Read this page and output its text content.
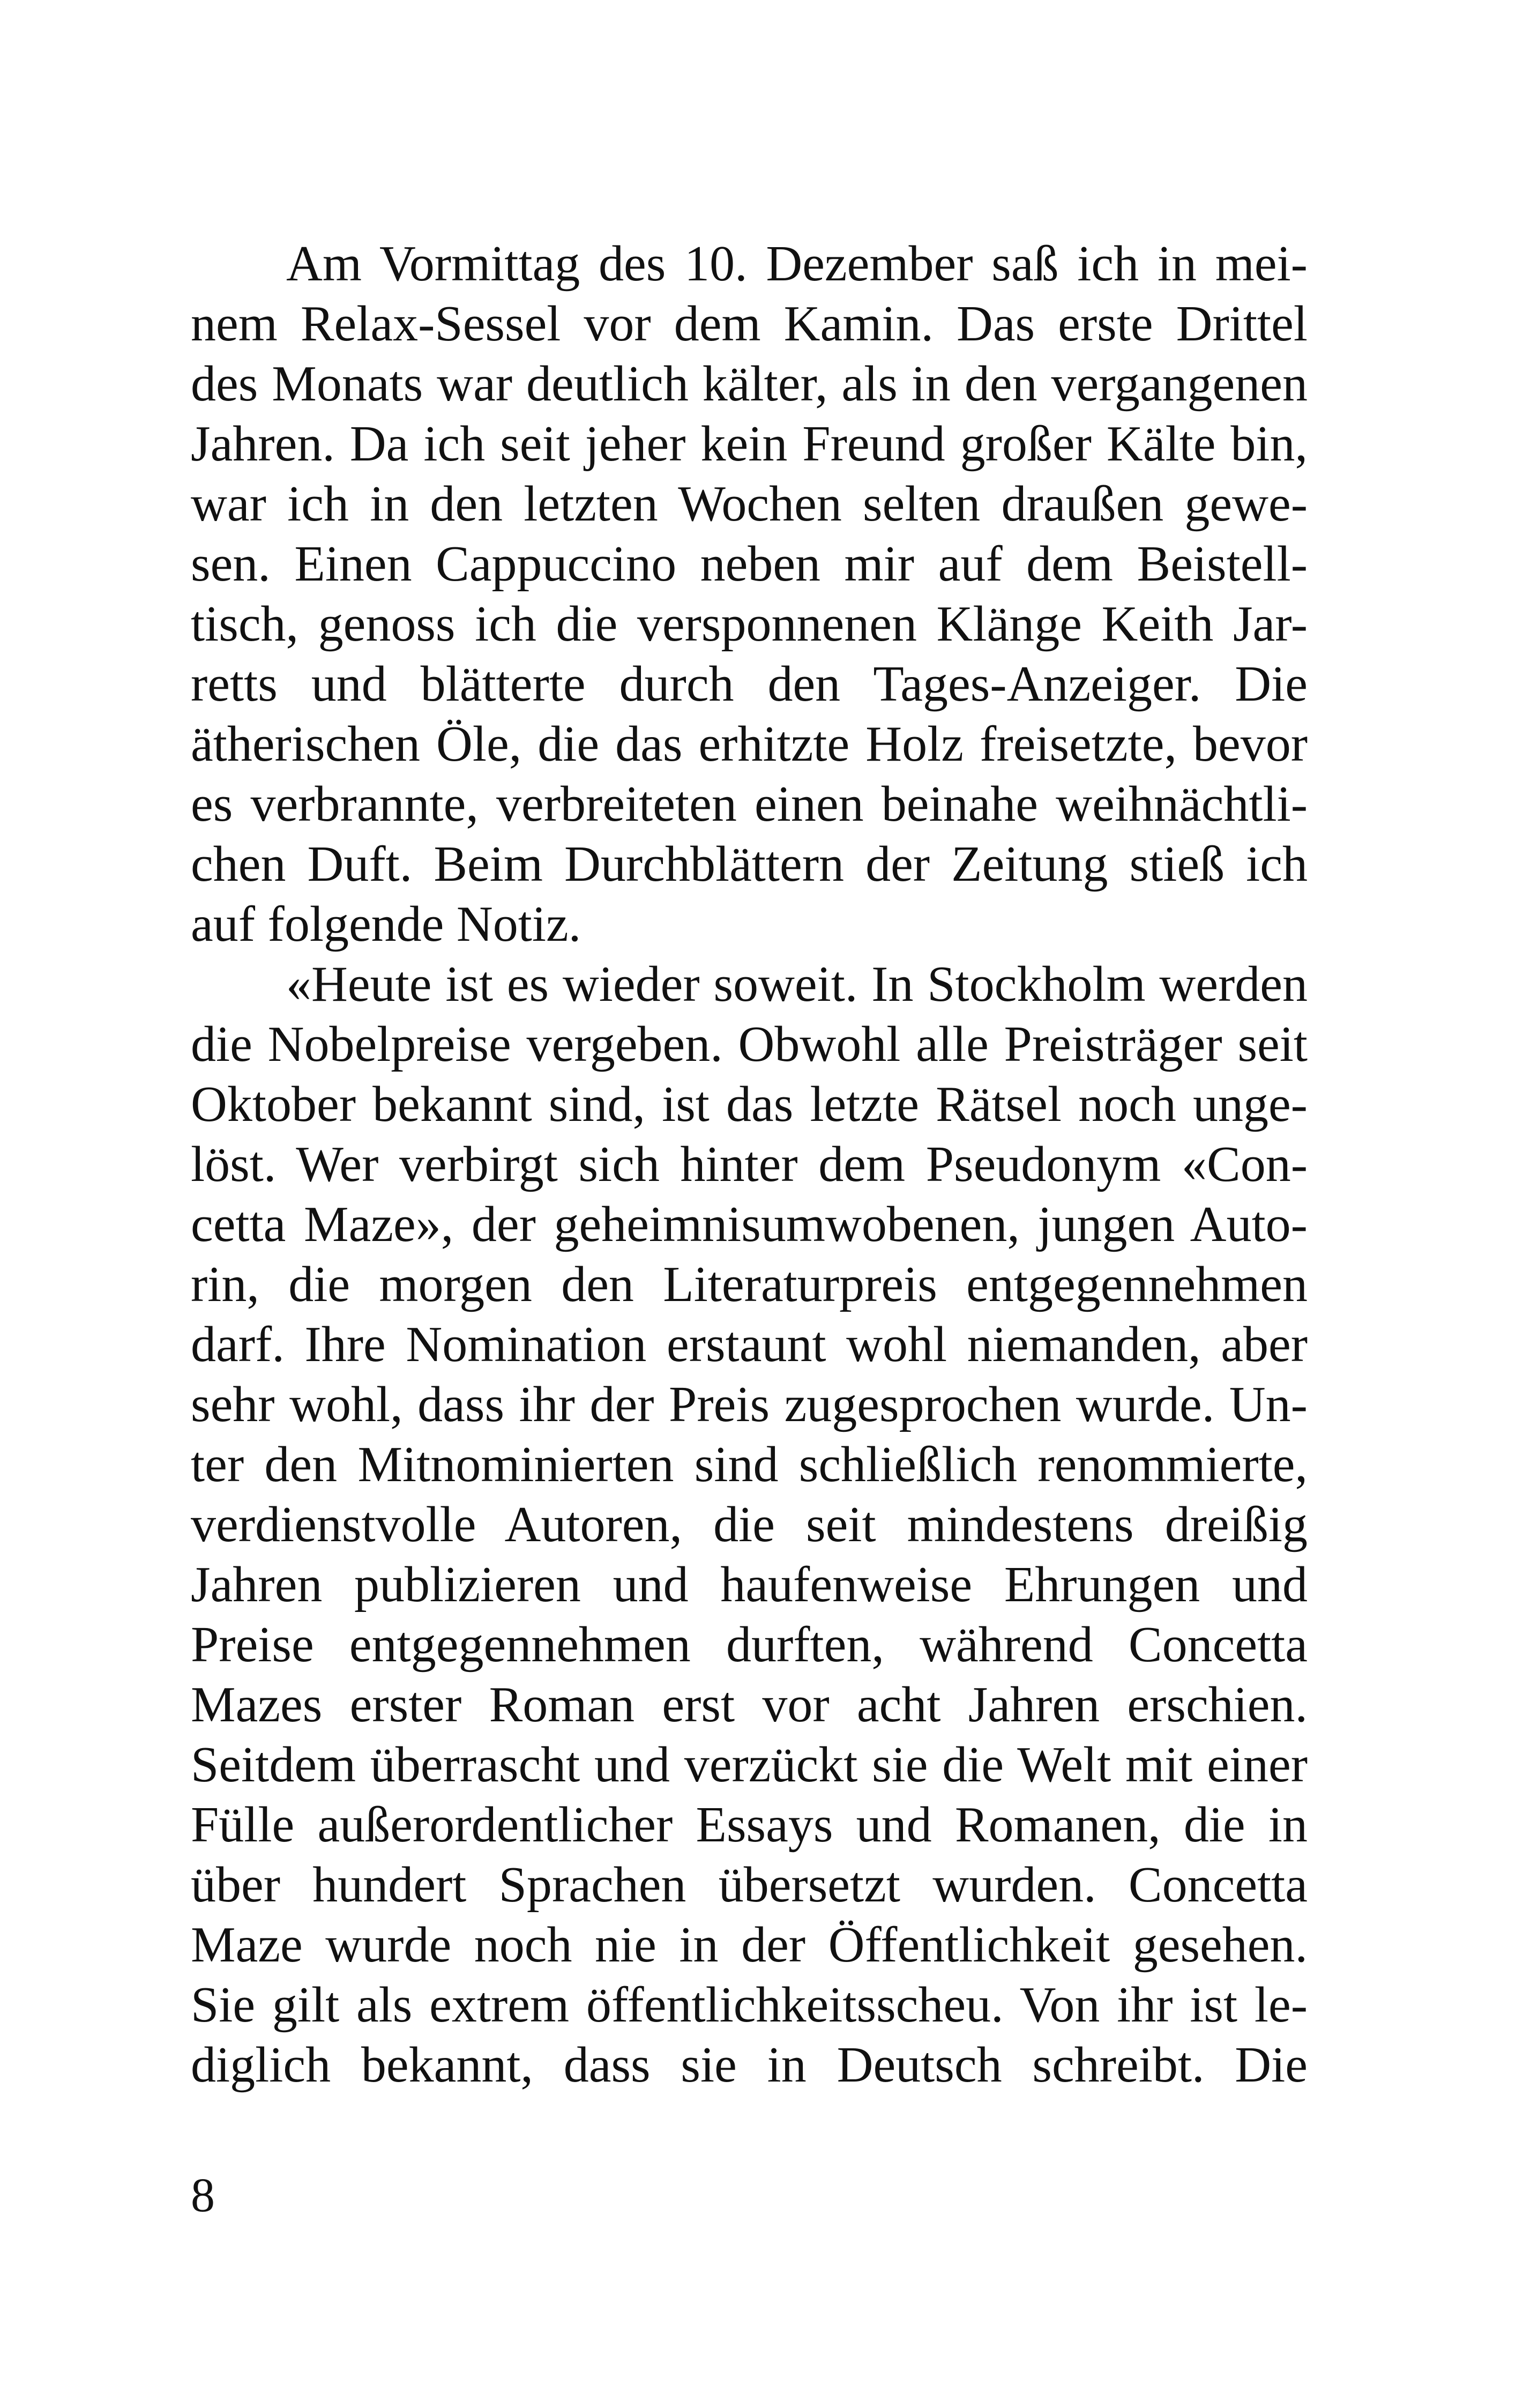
Am Vormittag des 10. Dezember saß ich in mei-
nem Relax-Sessel vor dem Kamin. Das erste Drittel
des Monats war deutlich kälter, als in den vergangenen
Jahren. Da ich seit jeher kein Freund großer Kälte bin,
war ich in den letzten Wochen selten draußen gewe-
sen. Einen Cappuccino neben mir auf dem Beistell-
tisch, genoss ich die versponnenen Klänge Keith Jar-
retts und blätterte durch den Tages-Anzeiger. Die
ätherischen Öle, die das erhitzte Holz freisetzte, bevor
es verbrannte, verbreiteten einen beinahe weihnächtli-
chen Duft. Beim Durchblättern der Zeitung stieß ich
auf folgende Notiz.
«Heute ist es wieder soweit. In Stockholm werden
die Nobelpreise vergeben. Obwohl alle Preisträger seit
Oktober bekannt sind, ist das letzte Rätsel noch unge-
löst. Wer verbirgt sich hinter dem Pseudonym «Con-
cetta Maze», der geheimnisumwobenen, jungen Auto-
rin, die morgen den Literaturpreis entgegennehmen
darf. Ihre Nomination erstaunt wohl niemanden, aber
sehr wohl, dass ihr der Preis zugesprochen wurde. Un-
ter den Mitnominierten sind schließlich renommierte,
verdienstvolle Autoren, die seit mindestens dreißig
Jahren publizieren und haufenweise Ehrungen und
Preise entgegennehmen durften, während Concetta
Mazes erster Roman erst vor acht Jahren erschien.
Seitdem überrascht und verzückt sie die Welt mit einer
Fülle außerordentlicher Essays und Romanen, die in
über hundert Sprachen übersetzt wurden. Concetta
Maze wurde noch nie in der Öffentlichkeit gesehen.
Sie gilt als extrem öffentlichkeitsscheu. Von ihr ist le-
diglich bekannt, dass sie in Deutsch schreibt. Die
8
